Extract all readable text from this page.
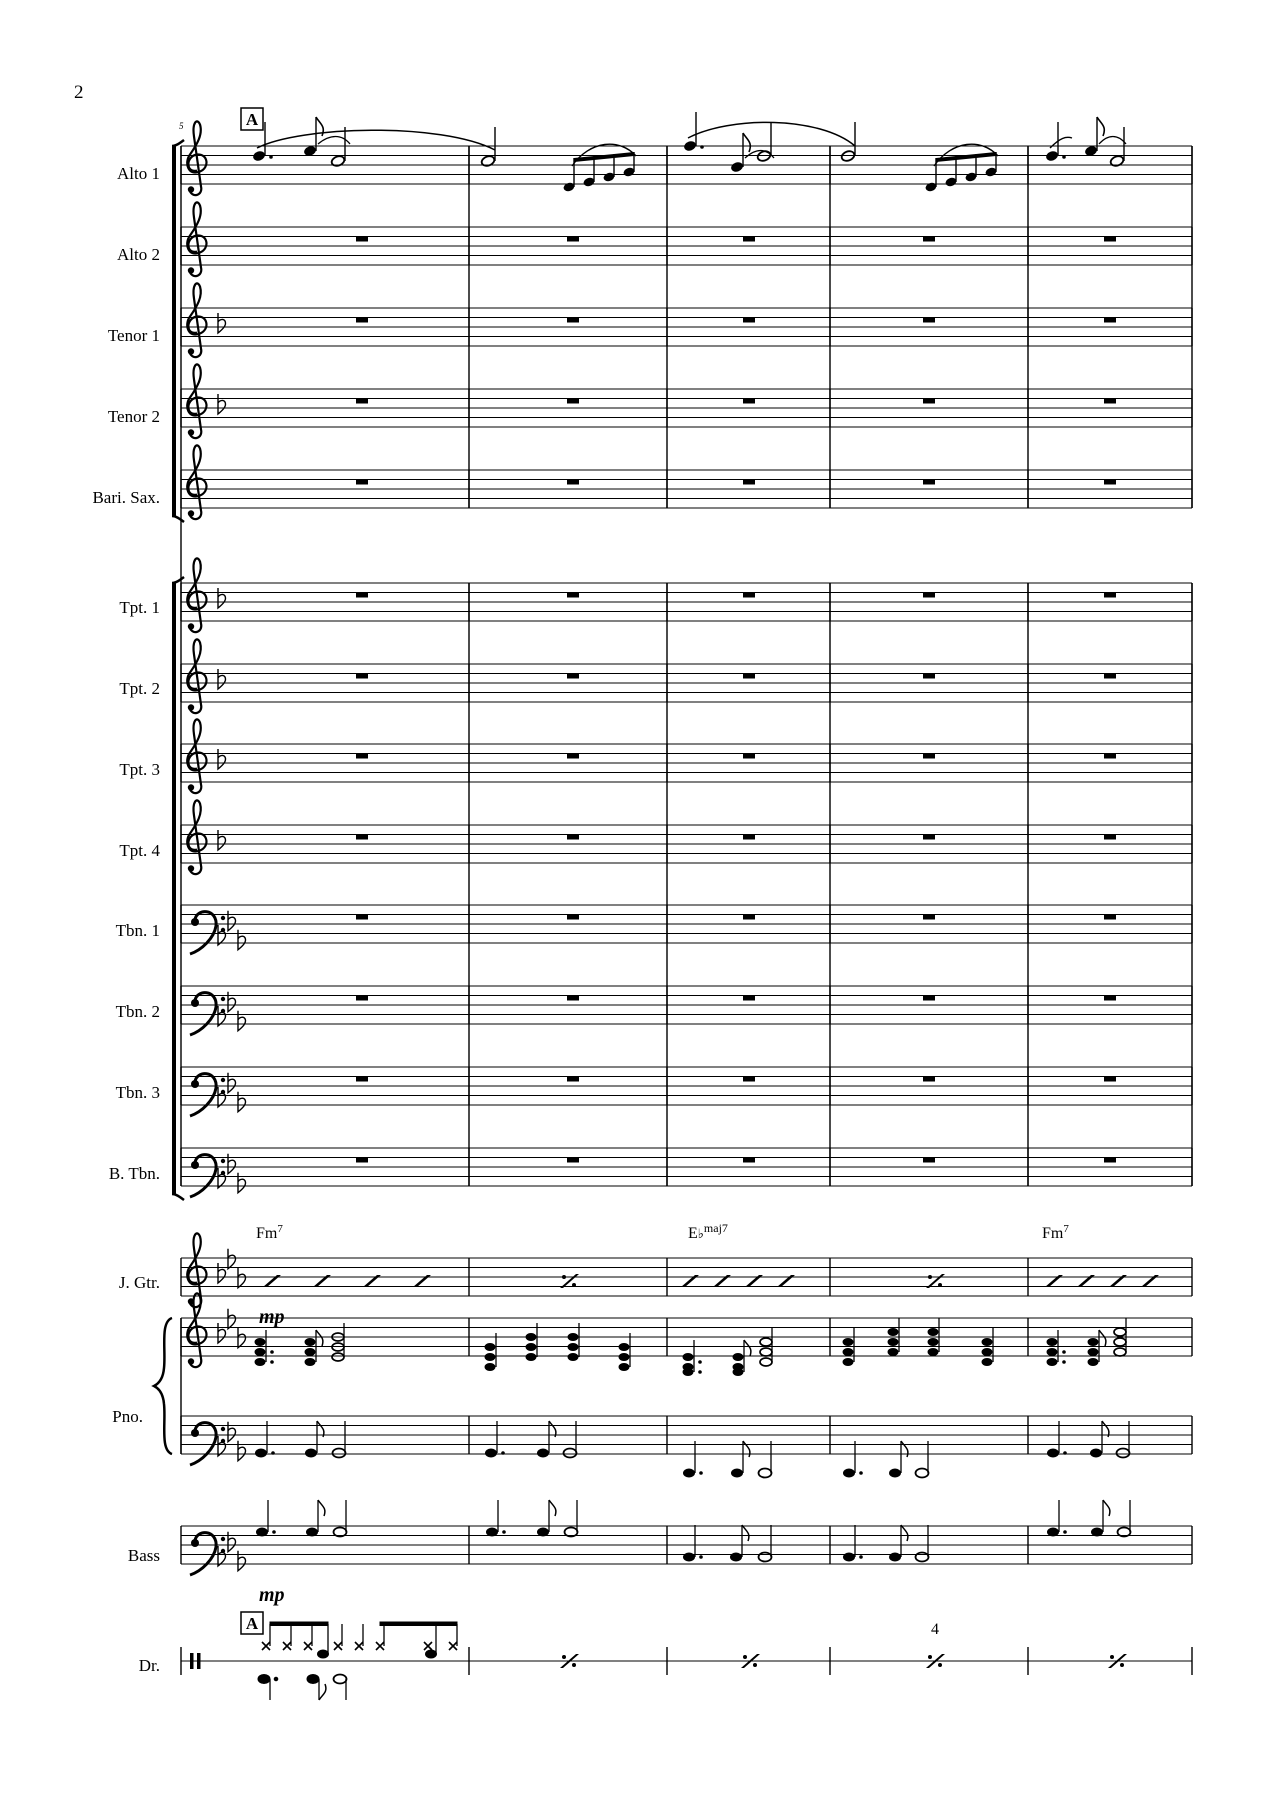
2
5	A
Alto 1
Alto 2
Tenor 1
Tenor 2
Bari. Sax.
Tpt. 1
Tpt. 2
Tpt. 3
Tpt. 4
Tbn. 1
Tbn. 2
Tbn. 3
B. Tbn.
J. Gtr.
Pno.
Bass
Dr.
Fm$^7$	E♭$^{maj7}$	Fm$^7$
mp
mp
A	4
